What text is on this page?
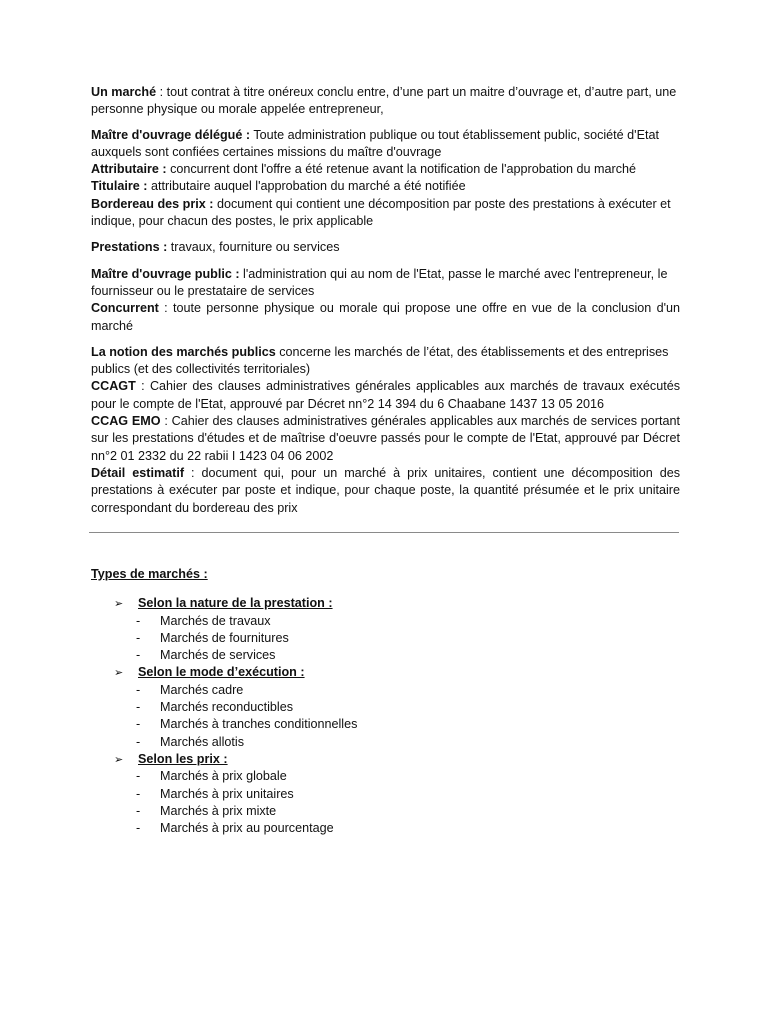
Un marché : tout contrat à titre onéreux conclu entre, d’une part un maitre d’ouvrage et, d’autre part, une personne physique ou morale appelée entrepreneur,

Maître d'ouvrage délégué : Toute administration publique ou tout établissement public, société d'Etat auxquels sont confiées certaines missions du maître d'ouvrage

Attributaire : concurrent dont l'offre a été retenue avant la notification de l'approbation du marché

Titulaire : attributaire auquel l'approbation du marché a été notifiée

Bordereau des prix : document qui contient une décomposition par poste des prestations à exécuter et indique, pour chacun des postes, le prix applicable

Prestations : travaux, fourniture ou services

Maître d'ouvrage public : l'administration qui au nom de l'Etat, passe le marché avec l'entrepreneur, le fournisseur ou le prestataire de services

Concurrent : toute personne physique ou morale qui propose une offre en vue de la conclusion d'un marché

La notion des marchés publics concerne les marchés de l’état, des établissements et des entreprises publics (et des collectivités territoriales)

CCAGT : Cahier des clauses administratives générales applicables aux marchés de travaux exécutés pour le compte de l'Etat, approuvé par Décret nn°2 14 394 du 6 Chaabane 1437 13 05 2016

CCAG EMO : Cahier des clauses administratives générales applicables aux marchés de services portant sur les prestations d'études et de maîtrise d'oeuvre passés pour le compte de l'Etat, approuvé par Décret nn°2 01 2332 du 22 rabii I 1423 04 06 2002

Détail estimatif : document qui, pour un marché à prix unitaires, contient une décomposition des prestations à exécuter par poste et indique, pour chaque poste, la quantité présumée et le prix unitaire correspondant du bordereau des prix

Types de marchés :

➢ Selon la nature de la prestation :

- Marchés de travaux

- Marchés de fournitures

- Marchés de services

➢ Selon le mode d’exécution :

- Marchés cadre

- Marchés reconductibles

- Marchés à tranches conditionnelles

- Marchés allotis

➢ Selon les prix :

- Marchés à prix globale

- Marchés à prix unitaires

- Marchés à prix mixte

- Marchés à prix au pourcentage
